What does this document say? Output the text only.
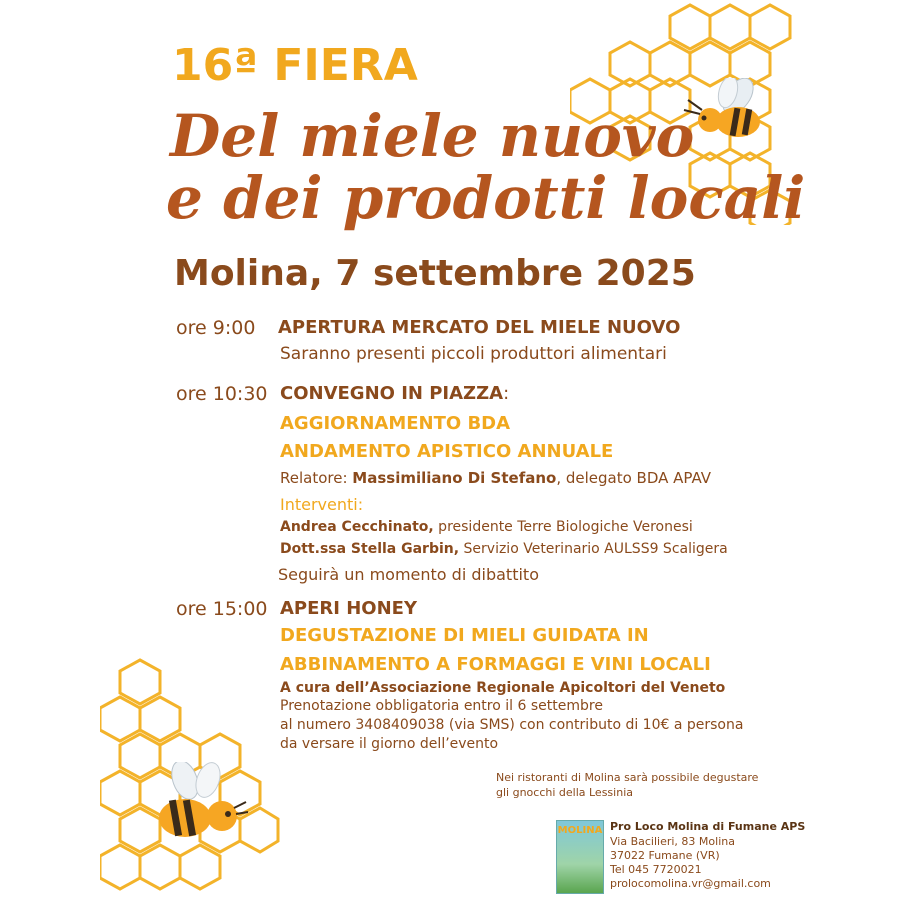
16ª FIERA
Del miele nuovo
e dei prodotti locali
Molina, 7 settembre 2025
ore 9:00 APERTURA MERCATO DEL MIELE NUOVO
Saranno presenti piccoli produttori alimentari
ore 10:30 CONVEGNO IN PIAZZA:
AGGIORNAMENTO BDA
ANDAMENTO APISTICO ANNUALE
Relatore: Massimiliano Di Stefano, delegato BDA APAV
Interventi:
Andrea Cecchinato, presidente Terre Biologiche Veronesi
Dott.ssa Stella Garbin, Servizio Veterinario AULSS9 Scaligera
Seguirà un momento di dibattito
ore 15:00 APERI HONEY
DEGUSTAZIONE DI MIELI GUIDATA IN
ABBINAMENTO A FORMAGGI E VINI LOCALI
A cura dell’Associazione Regionale Apicoltori del Veneto
Prenotazione obbligatoria entro il 6 settembre
al numero 3408409038 (via SMS) con contributo di 10€ a persona
da versare il giorno dell’evento
Nei ristoranti di Molina sarà possibile degustare
gli gnocchi della Lessinia
MOLINA Pro Loco Molina di Fumane APS
Via Bacilieri, 83 Molina
37022 Fumane (VR)
Tel 045 7720021
prolocomolina.vr@gmail.com
